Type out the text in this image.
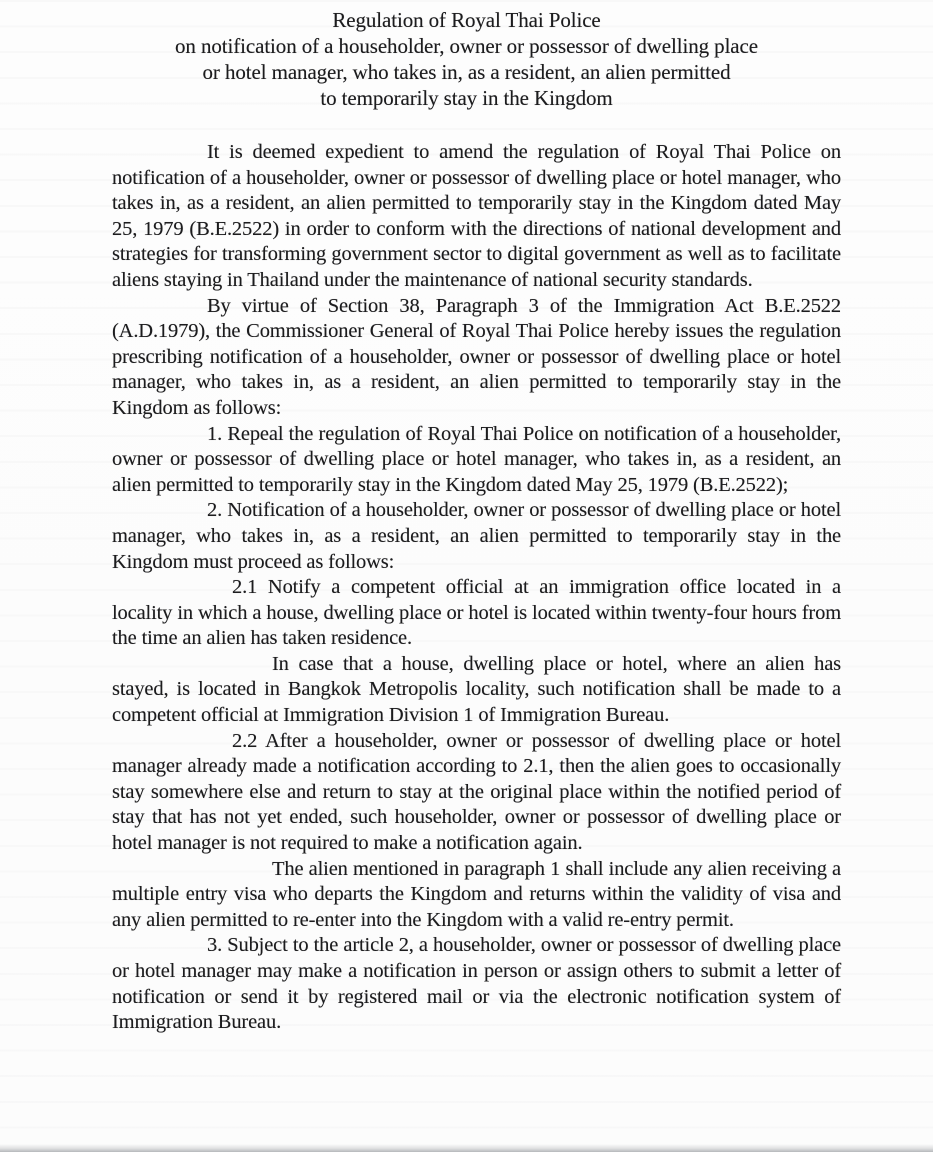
Regulation of Royal Thai Police
on notification of a householder, owner or possessor of dwelling place
or hotel manager, who takes in, as a resident, an alien permitted
to temporarily stay in the Kingdom

It is deemed expedient to amend the regulation of Royal Thai Police on notification of a householder, owner or possessor of dwelling place or hotel manager, who takes in, as a resident, an alien permitted to temporarily stay in the Kingdom dated May 25, 1979 (B.E.2522) in order to conform with the directions of national development and strategies for transforming government sector to digital government as well as to facilitate aliens staying in Thailand under the maintenance of national security standards.

By virtue of Section 38, Paragraph 3 of the Immigration Act B.E.2522 (A.D.1979), the Commissioner General of Royal Thai Police hereby issues the regulation prescribing notification of a householder, owner or possessor of dwelling place or hotel manager, who takes in, as a resident, an alien permitted to temporarily stay in the Kingdom as follows:

1. Repeal the regulation of Royal Thai Police on notification of a householder, owner or possessor of dwelling place or hotel manager, who takes in, as a resident, an alien permitted to temporarily stay in the Kingdom dated May 25, 1979 (B.E.2522);

2. Notification of a householder, owner or possessor of dwelling place or hotel manager, who takes in, as a resident, an alien permitted to temporarily stay in the Kingdom must proceed as follows:

2.1 Notify a competent official at an immigration office located in a locality in which a house, dwelling place or hotel is located within twenty-four hours from the time an alien has taken residence.

In case that a house, dwelling place or hotel, where an alien has stayed, is located in Bangkok Metropolis locality, such notification shall be made to a competent official at Immigration Division 1 of Immigration Bureau.

2.2 After a householder, owner or possessor of dwelling place or hotel manager already made a notification according to 2.1, then the alien goes to occasionally stay somewhere else and return to stay at the original place within the notified period of stay that has not yet ended, such householder, owner or possessor of dwelling place or hotel manager is not required to make a notification again.

The alien mentioned in paragraph 1 shall include any alien receiving a multiple entry visa who departs the Kingdom and returns within the validity of visa and any alien permitted to re-enter into the Kingdom with a valid re-entry permit.

3. Subject to the article 2, a householder, owner or possessor of dwelling place or hotel manager may make a notification in person or assign others to submit a letter of notification or send it by registered mail or via the electronic notification system of Immigration Bureau.
